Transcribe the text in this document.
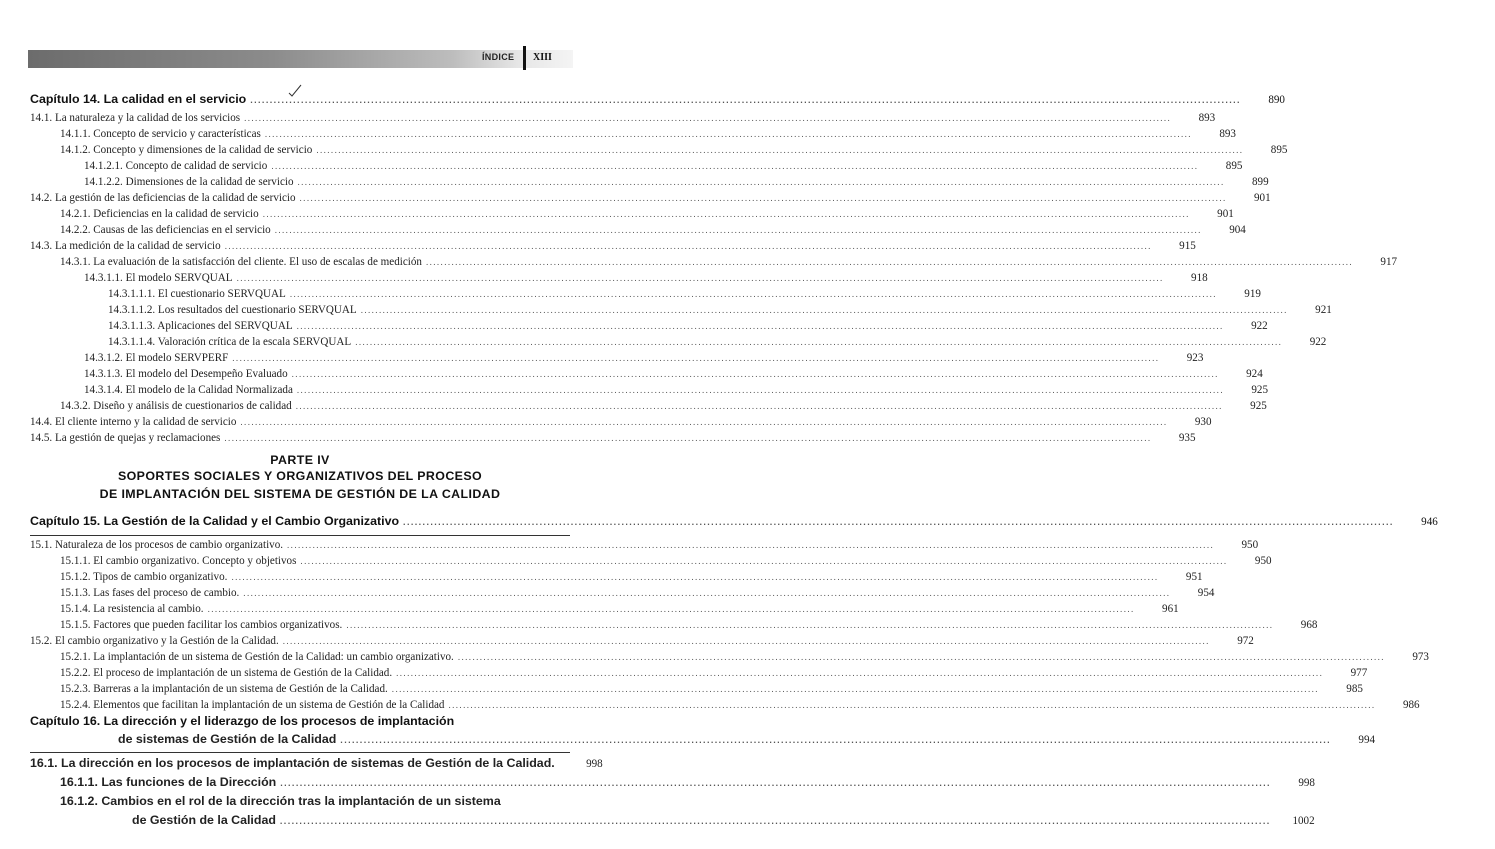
ÍNDICE XIII
Capítulo 14. La calidad en el servicio .....	890
14.1. La naturaleza y la calidad de los servicios .....	893
14.1.1. Concepto de servicio y características .....	893
14.1.2. Concepto y dimensiones de la calidad de servicio .....	895
14.1.2.1. Concepto de calidad de servicio .....	895
14.1.2.2. Dimensiones de la calidad de servicio .....	899
14.2. La gestión de las deficiencias de la calidad de servicio .....	901
14.2.1. Deficiencias en la calidad de servicio .....	901
14.2.2. Causas de las deficiencias en el servicio .....	904
14.3. La medición de la calidad de servicio .....	915
14.3.1. La evaluación de la satisfacción del cliente. El uso de escalas de medición .....	917
14.3.1.1. El modelo SERVQUAL .....	918
14.3.1.1.1. El cuestionario SERVQUAL .....	919
14.3.1.1.2. Los resultados del cuestionario SERVQUAL .....	921
14.3.1.1.3. Aplicaciones del SERVQUAL .....	922
14.3.1.1.4. Valoración crítica de la escala SERVQUAL .....	922
14.3.1.2. El modelo SERVPERF .....	923
14.3.1.3. El modelo del Desempeño Evaluado .....	924
14.3.1.4. El modelo de la Calidad Normalizada .....	925
14.3.2. Diseño y análisis de cuestionarios de calidad .....	925
14.4. El cliente interno y la calidad de servicio .....	930
14.5. La gestión de quejas y reclamaciones .....	935
PARTE IV
SOPORTES SOCIALES Y ORGANIZATIVOS DEL PROCESO
DE IMPLANTACIÓN DEL SISTEMA DE GESTIÓN DE LA CALIDAD
Capítulo 15. La Gestión de la Calidad y el Cambio Organizativo .....	946
15.1. Naturaleza de los procesos de cambio organizativo. .....	950
15.1.1. El cambio organizativo. Concepto y objetivos .....	950
15.1.2. Tipos de cambio organizativo. .....	951
15.1.3. Las fases del proceso de cambio. .....	954
15.1.4. La resistencia al cambio. .....	961
15.1.5. Factores que pueden facilitar los cambios organizativos. .....	968
15.2. El cambio organizativo y la Gestión de la Calidad. .....	972
15.2.1. La implantación de un sistema de Gestión de la Calidad: un cambio organizativo. .....	973
15.2.2. El proceso de implantación de un sistema de Gestión de la Calidad. .....	977
15.2.3. Barreras a la implantación de un sistema de Gestión de la Calidad. .....	985
15.2.4. Elementos que facilitan la implantación de un sistema de Gestión de la Calidad .....	986
Capítulo 16. La dirección y el liderazgo de los procesos de implantación
de sistemas de Gestión de la Calidad .....	994
16.1. La dirección en los procesos de implantación de sistemas de Gestión de la Calidad.	998
16.1.1. Las funciones de la Dirección .....	998
16.1.2. Cambios en el rol de la dirección tras la implantación de un sistema
de Gestión de la Calidad .....	1002
